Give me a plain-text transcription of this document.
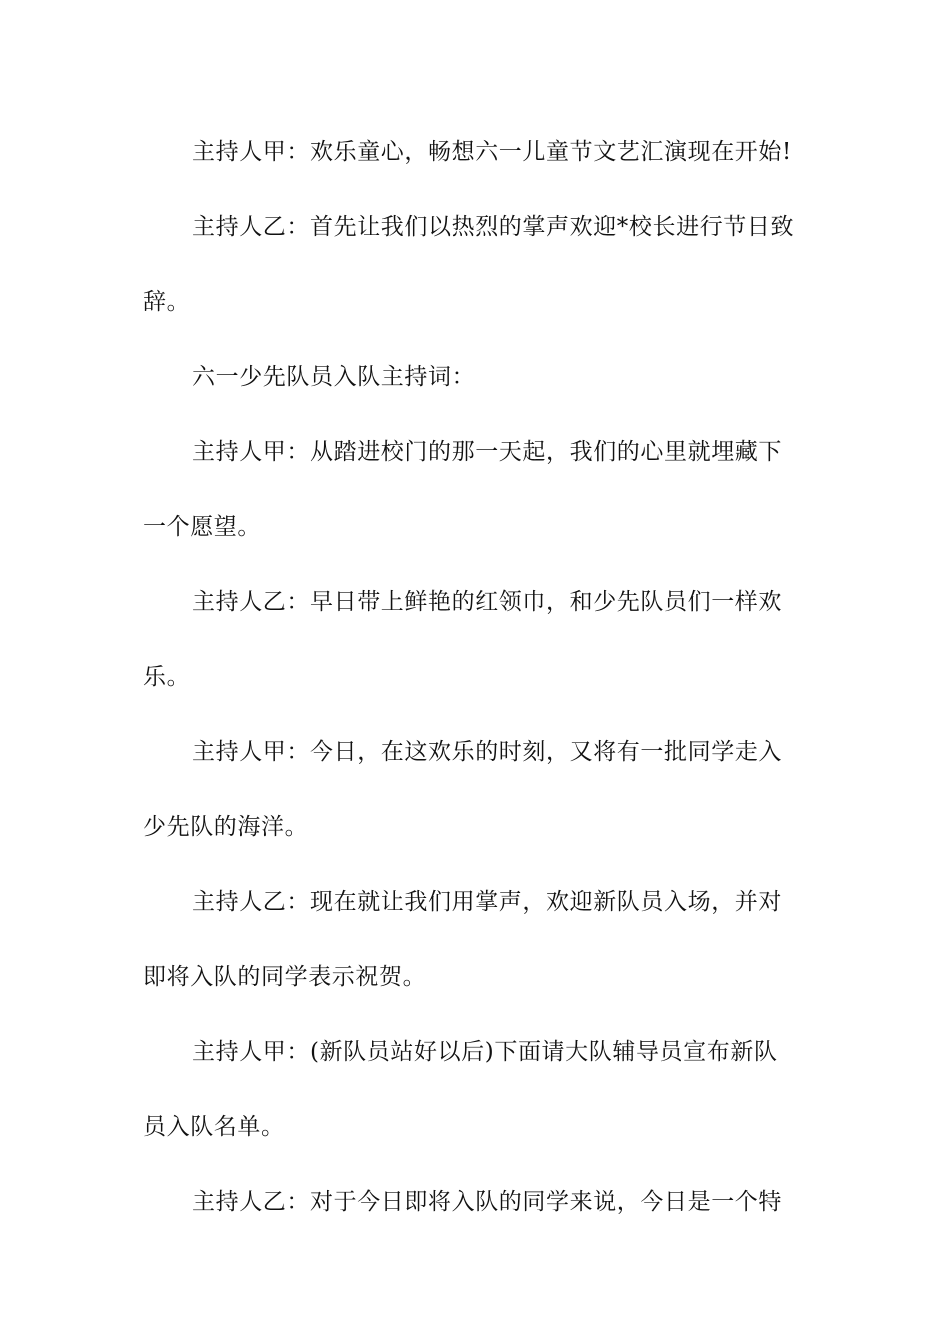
主持人甲：欢乐童心，畅想六一儿童节文艺汇演现在开始!
主持人乙：首先让我们以热烈的掌声欢迎*校长进行节日致
辞。
六一少先队员入队主持词：
主持人甲：从踏进校门的那一天起，我们的心里就埋藏下
一个愿望。
主持人乙：早日带上鲜艳的红领巾，和少先队员们一样欢
乐。
主持人甲：今日，在这欢乐的时刻，又将有一批同学走入
少先队的海洋。
主持人乙：现在就让我们用掌声，欢迎新队员入场，并对
即将入队的同学表示祝贺。
主持人甲：(新队员站好以后)下面请大队辅导员宣布新队
员入队名单。
主持人乙：对于今日即将入队的同学来说，今日是一个特
